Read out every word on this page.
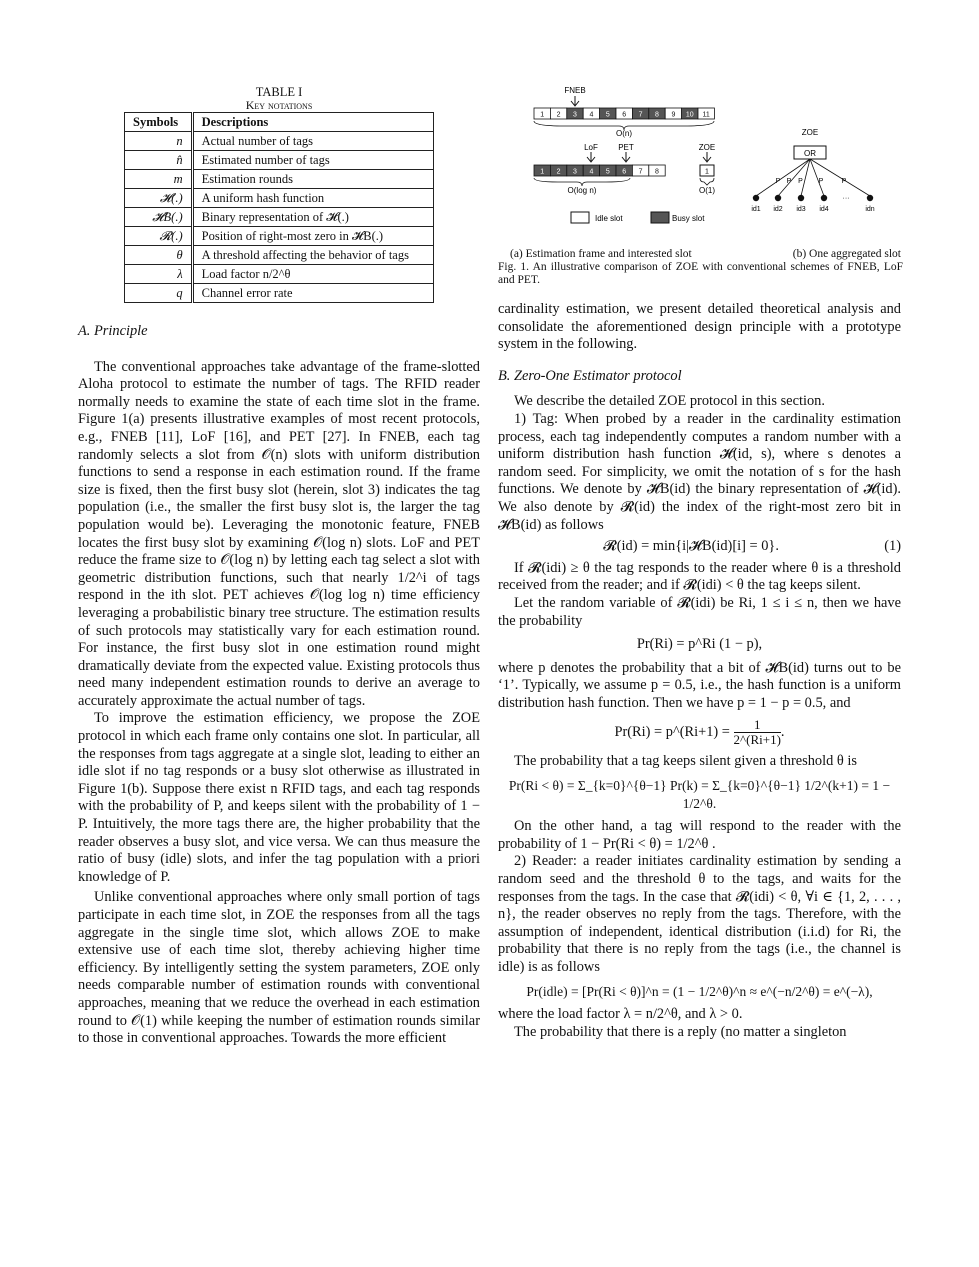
TABLE I
Key notations
Symbols	Descriptions
n	Actual number of tags
n̂	Estimated number of tags
m	Estimation rounds
𝓗(.)	A uniform hash function
𝓗B(.)	Binary representation of 𝓗(.)
𝓡(.)	Position of right-most zero in 𝓗B(.)
θ	A threshold affecting the behavior of tags
λ	Load factor n/2^θ
q	Channel error rate
FNEB
1 2 3 4 5 6 7 8 9 10 11
O(n)
LoF	PET	ZOE
1 2 3 4 5 6 7 8	1
O(log n)	O(1)
Idle slot	Busy slot
ZOE
OR
P
id1
P
id2
P
id3
P
id4
···
P
idn
(a) Estimation frame and interested slot	(b) One aggregated slot
Fig. 1. An illustrative comparison of ZOE with conventional schemes of FNEB, LoF and PET.
A. Principle

The conventional approaches take advantage of the frame-slotted Aloha protocol to estimate the number of tags. The RFID reader normally needs to examine the state of each time slot in the frame. Figure 1(a) presents illustrative examples of most recent protocols, e.g., FNEB [11], LoF [16], and PET [27]. In FNEB, each tag randomly selects a slot from 𝒪(n) slots with uniform distribution functions to send a response in each estimation round. If the frame size is fixed, then the first busy slot (herein, slot 3) indicates the tag population (i.e., the smaller the first busy slot is, the larger the tag population would be). Leveraging the monotonic feature, FNEB locates the first busy slot by examining 𝒪(log n) slots. LoF and PET reduce the frame size to 𝒪(log n) by letting each tag select a slot with geometric distribution functions, such that nearly 1/2^i of tags respond in the ith slot. PET achieves 𝒪(log log n) time efficiency leveraging a probabilistic binary tree structure. The estimation results of such protocols may statistically vary for each estimation round. For instance, the first busy slot in one estimation round might dramatically deviate from the expected value. Existing protocols thus need many independent estimation rounds to derive an average to accurately approximate the actual number of tags.

To improve the estimation efficiency, we propose the ZOE protocol in which each frame only contains one slot. In particular, all the responses from tags aggregate at a single slot, leading to either an idle slot if no tag responds or a busy slot otherwise as illustrated in Figure 1(b). Suppose there exist n RFID tags, and each tag responds with the probability of P, and keeps silent with the probability of 1 − P. Intuitively, the more tags there are, the higher probability that the reader observes a busy slot, and vice versa. We can thus measure the ratio of busy (idle) slots, and infer the tag population with a priori knowledge of P.

Unlike conventional approaches where only small portion of tags participate in each time slot, in ZOE the responses from all the tags aggregate in the single time slot, which allows ZOE to make extensive use of each time slot, thereby achieving higher time efficiency. By intelligently setting the system parameters, ZOE only needs comparable number of estimation rounds with conventional approaches, meaning that we reduce the overhead in each estimation round to 𝒪(1) while keeping the number of estimation rounds similar to those in conventional approaches. Towards the more efficient

cardinality estimation, we present detailed theoretical analysis and consolidate the aforementioned design principle with a prototype system in the following.

B. Zero-One Estimator protocol

We describe the detailed ZOE protocol in this section.

1) Tag: When probed by a reader in the cardinality estimation process, each tag independently computes a random number with a uniform distribution hash function 𝓗(id, s), where s denotes a random seed. For simplicity, we omit the notation of s for the hash functions. We denote by 𝓗B(id) the binary representation of 𝓗(id). We also denote by 𝓡(id) the index of the right-most zero bit in 𝓗B(id) as follows

𝓡(id) = min{i|𝓗B(id)[i] = 0}.	(1)

If 𝓡(idi) ≥ θ the tag responds to the reader where θ is a threshold received from the reader; and if 𝓡(idi) < θ the tag keeps silent.

Let the random variable of 𝓡(idi) be Ri, 1 ≤ i ≤ n, then we have the probability

Pr(Ri) = p^Ri (1 − p),

where p denotes the probability that a bit of 𝓗B(id) turns out to be ‘1’. Typically, we assume p = 0.5, i.e., the hash function is a uniform distribution hash function. Then we have p = 1 − p = 0.5, and

Pr(Ri) = p^(Ri+1) = $\frac{1}{2\^{}(Ri+1)}$ .

The probability that a tag keeps silent given a threshold θ is

Pr(Ri < θ) = Σ_{k=0}^{θ−1} Pr(k) = Σ_{k=0}^{θ−1} 1/2^(k+1) = 1 − 1/2^θ.

On the other hand, a tag will respond to the reader with the probability of 1 − Pr(Ri < θ) = 1/2^θ .

2) Reader: a reader initiates cardinality estimation by sending a random seed and the threshold θ to the tags, and waits for the responses from the tags. In the case that 𝓡(idi) < θ, ∀i ∈ {1, 2, . . . , n}, the reader observes no reply from the tags. Therefore, with the assumption of independent, identical distribution (i.i.d) for Ri, the probability that there is no reply from the tags (i.e., the channel is idle) is as follows

Pr(idle) = [Pr(Ri < θ)]^n = (1 − 1/2^θ)^n ≈ e^(−n/2^θ) = e^(−λ),

where the load factor λ = n/2^θ, and λ > 0.

The probability that there is a reply (no matter a singleton
